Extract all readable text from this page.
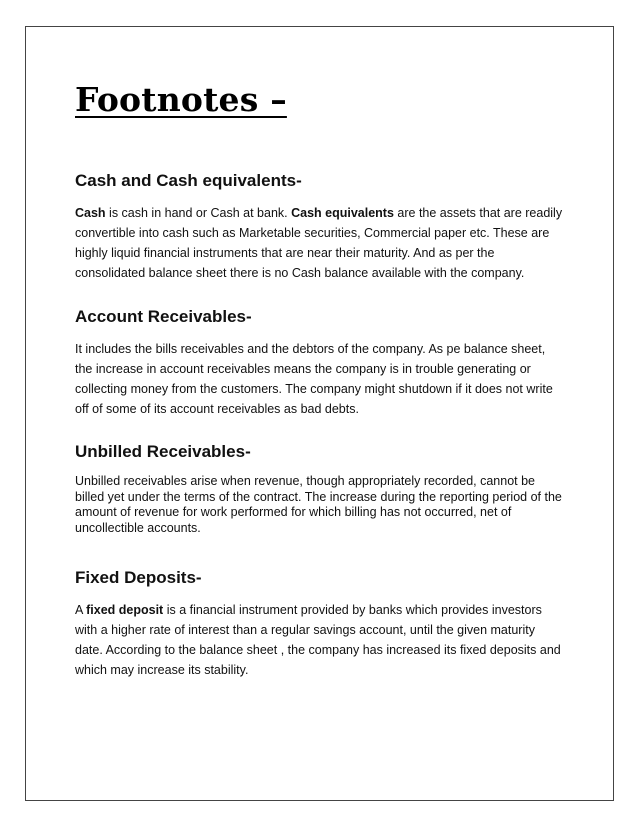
Footnotes –
Cash and Cash equivalents-

Cash is cash in hand or Cash at bank. Cash equivalents are the assets that are readily
convertible into cash such as Marketable securities, Commercial paper etc. These are
highly liquid financial instruments that are near their maturity. And as per the
consolidated balance sheet there is no Cash balance available with the company.

Account Receivables-

It includes the bills receivables and the debtors of the company. As pe balance sheet,
the increase in account receivables means the company is in trouble generating or
collecting money from the customers. The company might shutdown if it does not write
off of some of its account receivables as bad debts.

Unbilled Receivables-

Unbilled receivables arise when revenue, though appropriately recorded, cannot be
billed yet under the terms of the contract. The increase during the reporting period of the
amount of revenue for work performed for which billing has not occurred, net of
uncollectible accounts.

Fixed Deposits-

A fixed deposit is a financial instrument provided by banks which provides investors
with a higher rate of interest than a regular savings account, until the given maturity
date. According to the balance sheet , the company has increased its fixed deposits and
which may increase its stability.
